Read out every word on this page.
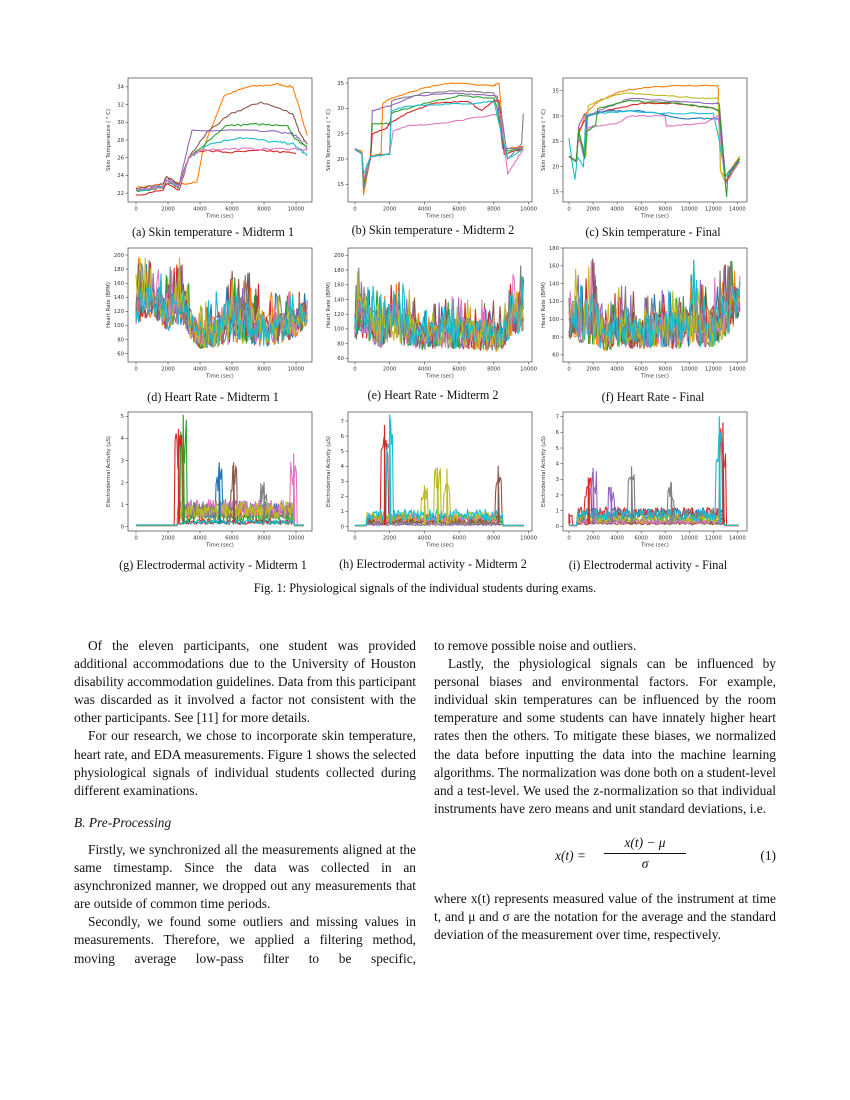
0	2000	4000	6000	8000	10000
22
24
26
28
30
32
34
Time (sec)
Skin Temperature ( ° C)
0	2000	4000	6000	8000	10000
15
20
25
30
35
Time (sec)
Skin Temperature ( ° C)
0	2000 4000 6000 8000 10000 12000 14000
15
20
25
30
35
Time (sec)
Skin Temperature ( ° C)
0	2000	4000	6000	8000	10000
60
80
100
120
140
160
180
200
Time (sec)
Heart Rate (BPM)
0	2000	4000	6000	8000	10000
60
80
100
120
140
160
180
200
Time (sec)
Heart Rate (BPM)
0	2000 4000 6000 8000 10000 12000 14000
60
80
100
120
140
160
180
Time (sec)
Heart Rate (BPM)
0	2000	4000	6000	8000	10000
0
1
2
3
4
5
Time (sec)
Electrodermal Activity (µS)
0	2000	4000	6000	8000	10000
0
1
2
3
4
5
6
7
Time (sec)
Electrodermal Activity (µS)
0	2000 4000 6000 8000 10000 12000 14000
0
1
2
3
4
5
6
7
Time (sec)
Electrodermal Activity (µS)
(a) Skin temperature - Midterm 1	(b) Skin temperature - Midterm 2	(c) Skin temperature - Final
(d) Heart Rate - Midterm 1	(e) Heart Rate - Midterm 2	(f) Heart Rate - Final
(g) Electrodermal activity - Midterm 1	(h) Electrodermal activity - Midterm 2	(i) Electrodermal activity - Final
Fig. 1: Physiological signals of the individual students during exams.

Of the eleven participants, one student was provided additional accommodations due to the University of Houston disability accommodation guidelines. Data from this participant was discarded as it involved a factor not consistent with the other participants. See [11] for more details.

For our research, we chose to incorporate skin temperature, heart rate, and EDA measurements. Figure 1 shows the selected physiological signals of individual students collected during different examinations.

B. Pre-Processing

Firstly, we synchronized all the measurements aligned at the same timestamp. Since the data was collected in an asynchronized manner, we dropped out any measurements that are outside of common time periods.

Secondly, we found some outliers and missing values in measurements. Therefore, we applied a filtering method, moving average low-pass filter to be specific,

to remove possible noise and outliers.

Lastly, the physiological signals can be influenced by personal biases and environmental factors. For example, individual skin temperatures can be influenced by the room temperature and some students can have innately higher heart rates then the others. To mitigate these biases, we normalized the data before inputting the data into the machine learning algorithms. The normalization was done both on a student-level and a test-level. We used the z-normalization so that individual instruments have zero means and unit standard deviations, i.e.

$x(t) = \frac{x(t) - \mu}{\sigma}$	(1)

where x(t) represents measured value of the instrument at time t, and μ and σ are the notation for the average and the standard deviation of the measurement over time, respectively.
